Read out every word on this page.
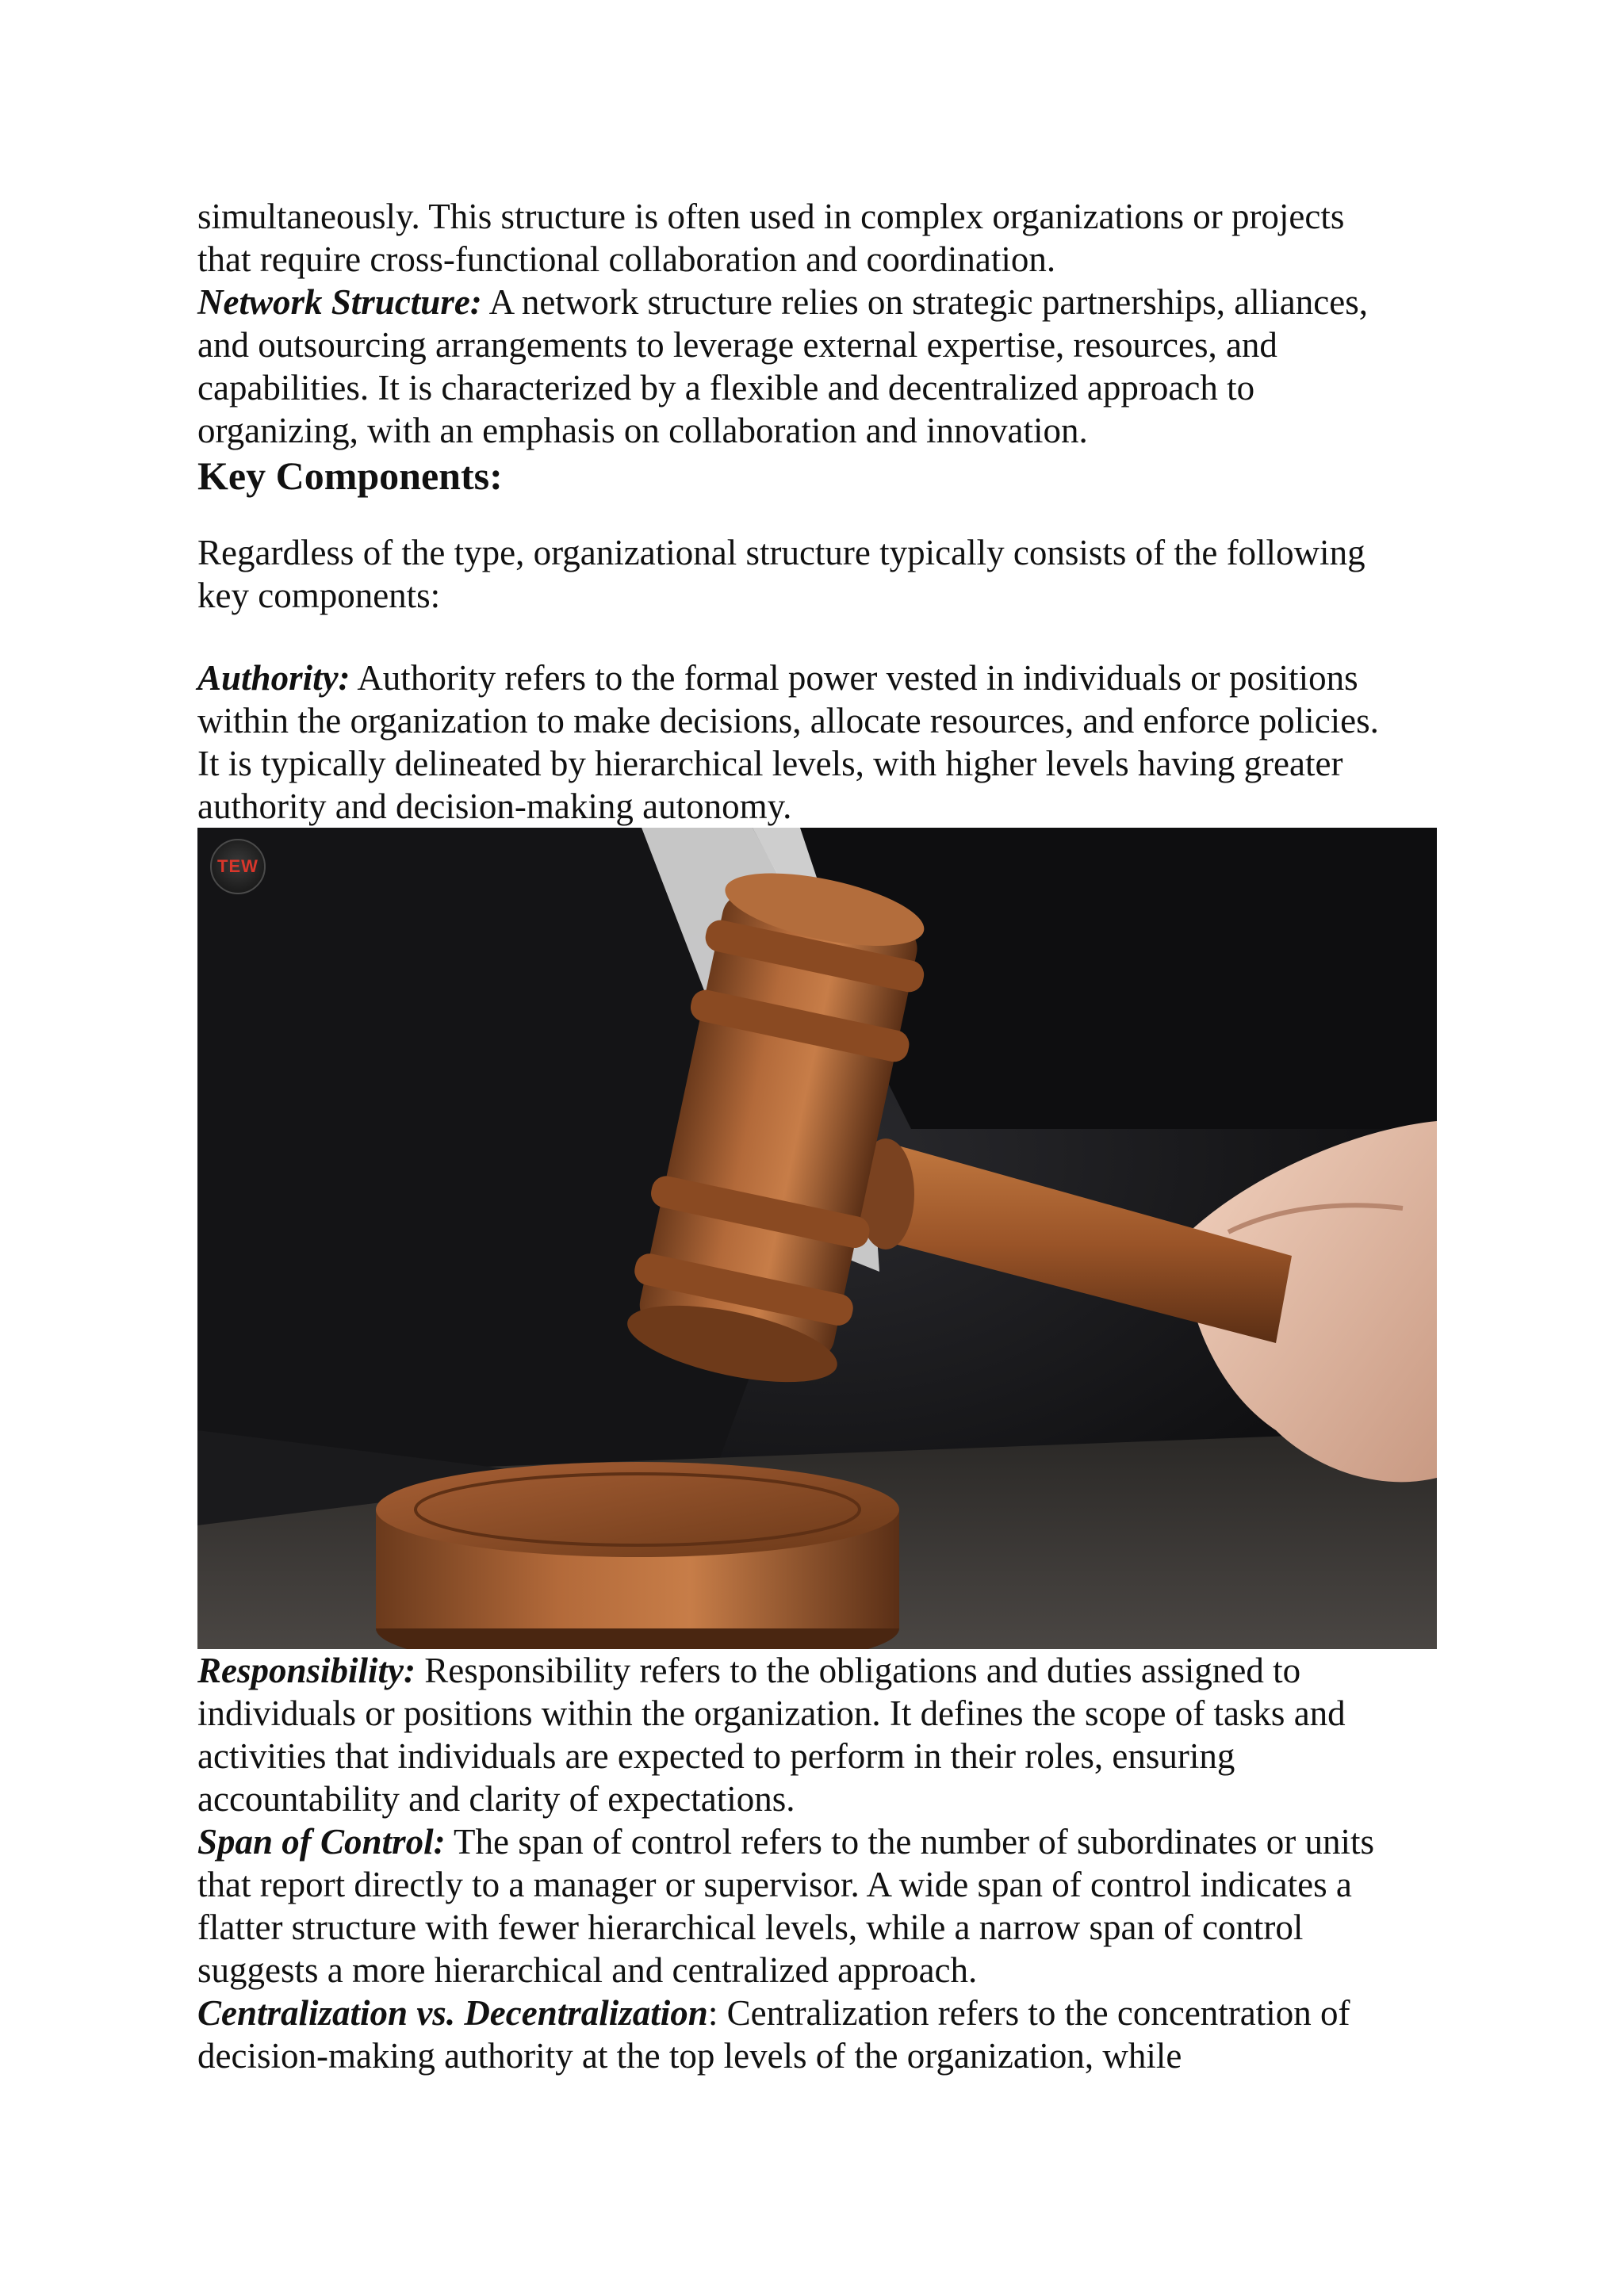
simultaneously. This structure is often used in complex organizations or projects

that require cross-functional collaboration and coordination.

Network Structure: A network structure relies on strategic partnerships, alliances,

and outsourcing arrangements to leverage external expertise, resources, and

capabilities. It is characterized by a flexible and decentralized approach to

organizing, with an emphasis on collaboration and innovation.

Key Components:

Regardless of the type, organizational structure typically consists of the following

key components:

Authority: Authority refers to the formal power vested in individuals or positions

within the organization to make decisions, allocate resources, and enforce policies.

It is typically delineated by hierarchical levels, with higher levels having greater

authority and decision-making autonomy.

TEW

Responsibility: Responsibility refers to the obligations and duties assigned to

individuals or positions within the organization. It defines the scope of tasks and

activities that individuals are expected to perform in their roles, ensuring

accountability and clarity of expectations.

Span of Control: The span of control refers to the number of subordinates or units

that report directly to a manager or supervisor. A wide span of control indicates a

flatter structure with fewer hierarchical levels, while a narrow span of control

suggests a more hierarchical and centralized approach.

Centralization vs. Decentralization: Centralization refers to the concentration of

decision-making authority at the top levels of the organization, while
